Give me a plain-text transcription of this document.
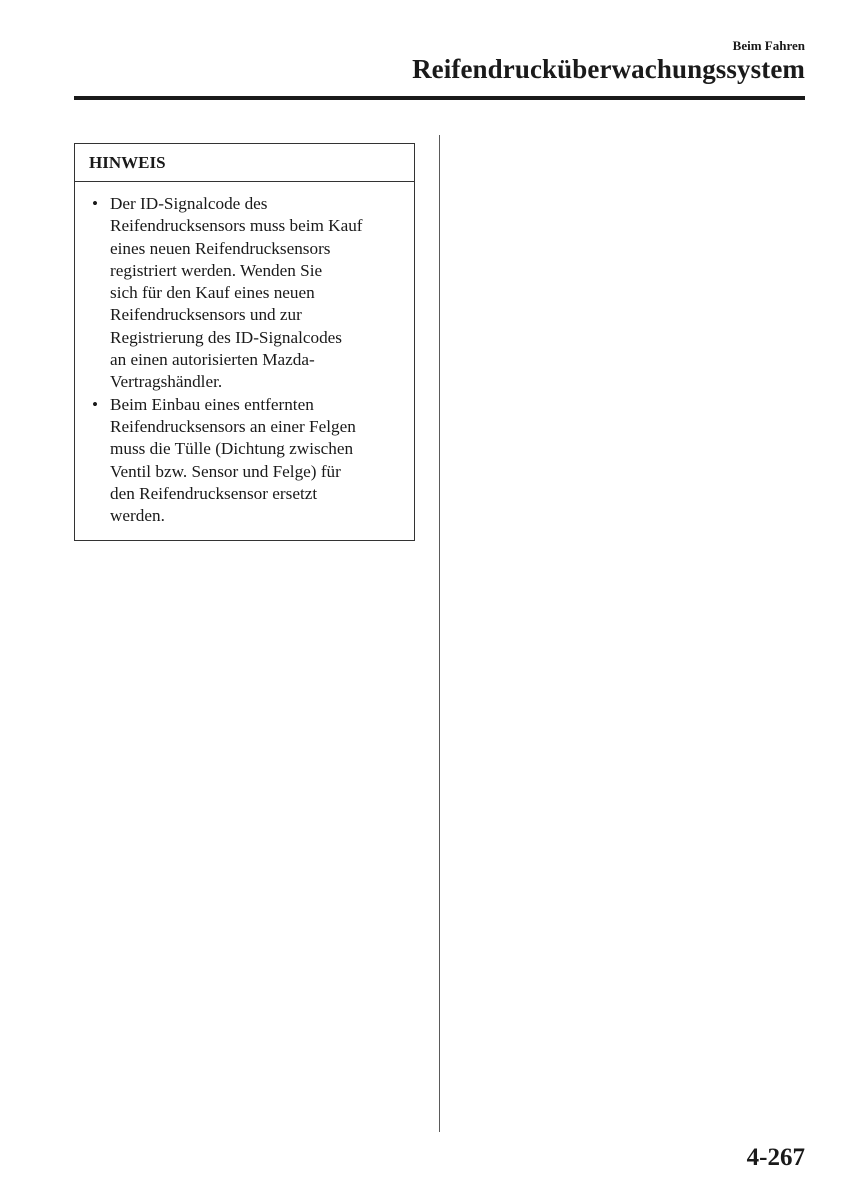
Beim Fahren
Reifendrucküberwachungssystem
HINWEIS
• Der ID-Signalcode des
Reifendrucksensors muss beim Kauf
eines neuen Reifendrucksensors
registriert werden. Wenden Sie
sich für den Kauf eines neuen
Reifendrucksensors und zur
Registrierung des ID-Signalcodes
an einen autorisierten Mazda-
Vertragshändler.
• Beim Einbau eines entfernten
Reifendrucksensors an einer Felgen
muss die Tülle (Dichtung zwischen
Ventil bzw. Sensor und Felge) für
den Reifendrucksensor ersetzt
werden.
4-267
